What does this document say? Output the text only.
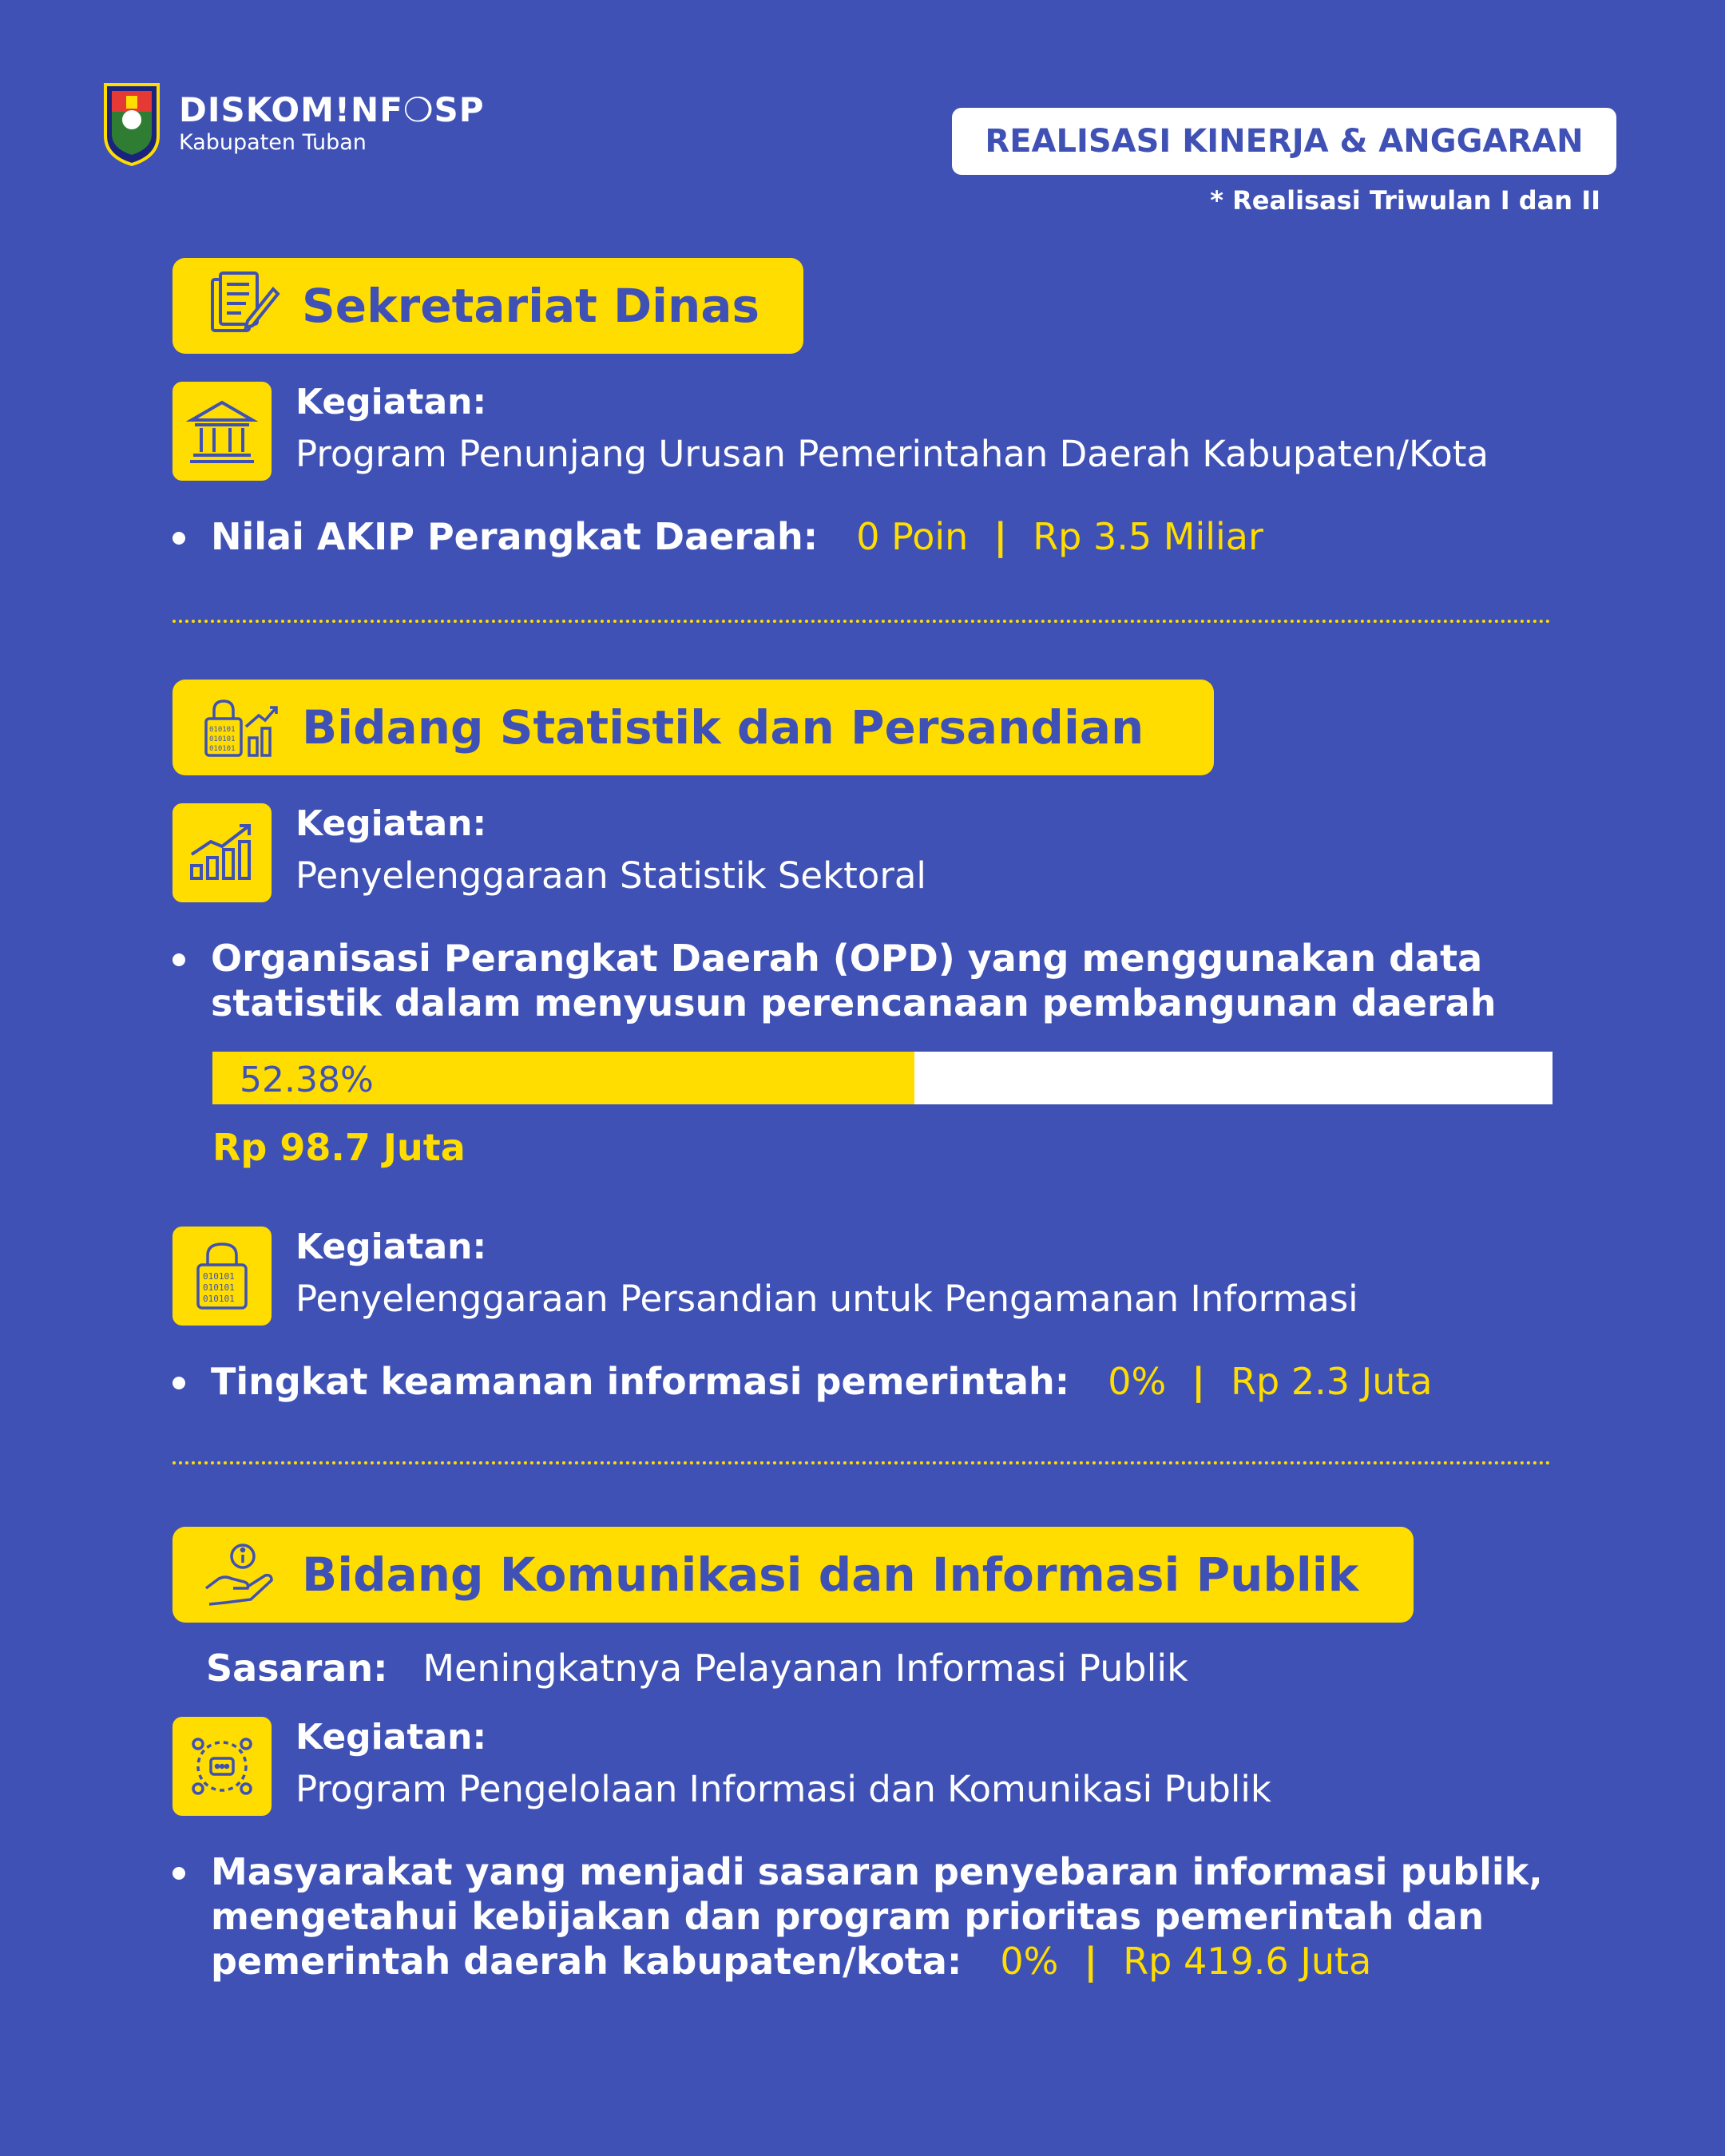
DISKOM!NF❍SP
Kabupaten Tuban	REALISASI KINERJA & ANGGARAN
* Realisasi Triwulan I dan II
Sekretariat Dinas
Kegiatan:
Program Penunjang Urusan Pemerintahan Daerah Kabupaten/Kota
Nilai AKIP Perangkat Daerah: 0 Poin | Rp 3.5 Miliar
010101
010101
010101 Bidang Statistik dan Persandian
Kegiatan:
Penyelenggaraan Statistik Sektoral
Organisasi Perangkat Daerah (OPD) yang menggunakan data
statistik dalam menyusun perencanaan pembangunan daerah
52.38%
Rp 98.7 Juta
010101
010101
010101
Kegiatan:
Penyelenggaraan Persandian untuk Pengamanan Informasi
Tingkat keamanan informasi pemerintah: 0% | Rp 2.3 Juta
Bidang Komunikasi dan Informasi Publik
Sasaran: Meningkatnya Pelayanan Informasi Publik
Kegiatan:
Program Pengelolaan Informasi dan Komunikasi Publik
Masyarakat yang menjadi sasaran penyebaran informasi publik,
mengetahui kebijakan dan program prioritas pemerintah dan
pemerintah daerah kabupaten/kota: 0% | Rp 419.6 Juta
